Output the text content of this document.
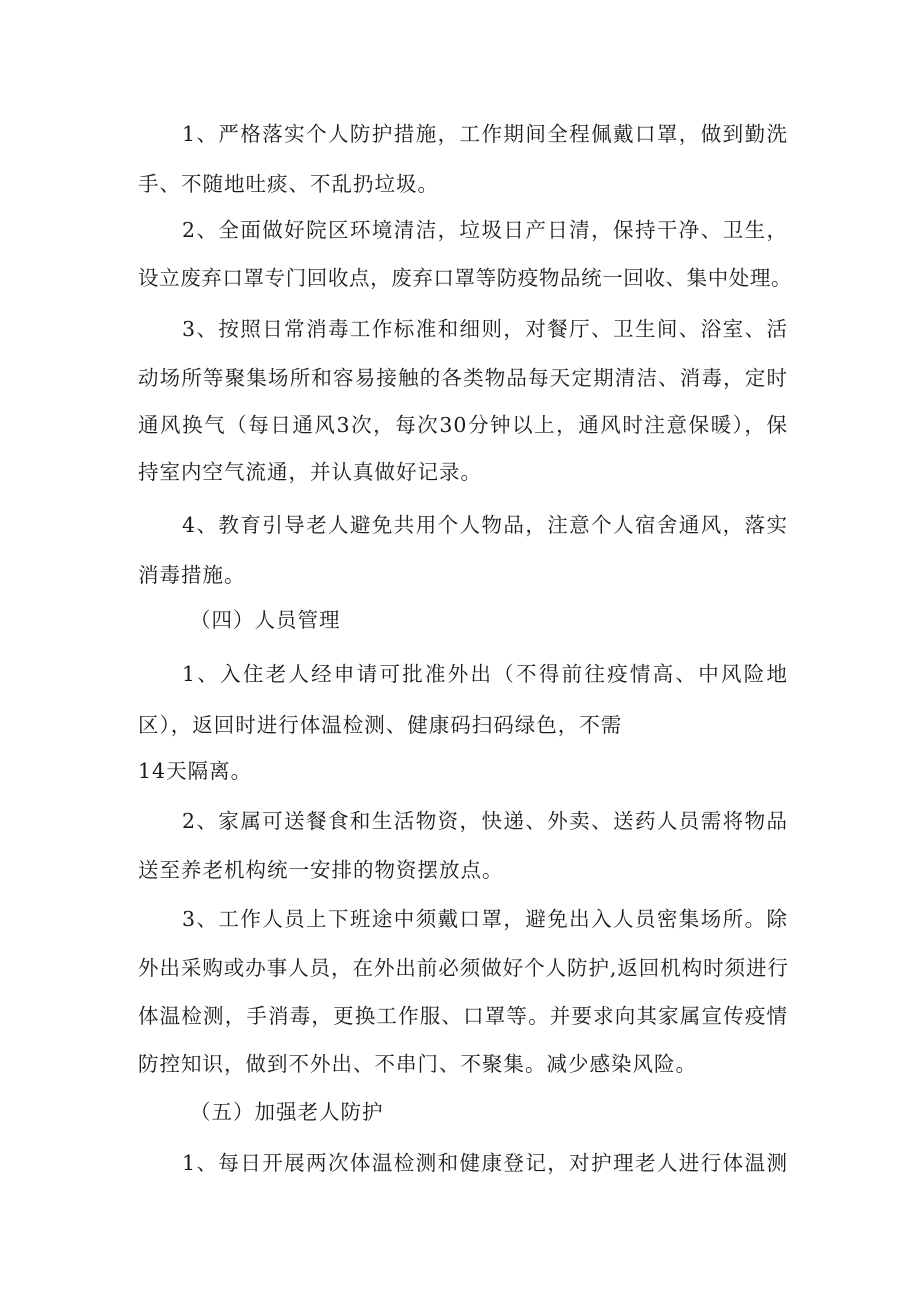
1、严格落实个人防护措施，工作期间全程佩戴口罩，做到勤洗
手、不随地吐痰、不乱扔垃圾。
2、全面做好院区环境清洁，垃圾日产日清，保持干净、卫生，
设立废弃口罩专门回收点，废弃口罩等防疫物品统一回收、集中处理。
3、按照日常消毒工作标准和细则，对餐厅、卫生间、浴室、活
动场所等聚集场所和容易接触的各类物品每天定期清洁、消毒，定时
通风换气（每日通风3次，每次30分钟以上，通风时注意保暖），保
持室内空气流通，并认真做好记录。
4、教育引导老人避免共用个人物品，注意个人宿舍通风，落实
消毒措施。
（四）人员管理
1、入住老人经申请可批准外出（不得前往疫情高、中风险地
区），返回时进行体温检测、健康码扫码绿色，不需
14天隔离。
2、家属可送餐食和生活物资，快递、外卖、送药人员需将物品
送至养老机构统一安排的物资摆放点。
3、工作人员上下班途中须戴口罩，避免出入人员密集场所。除
外出采购或办事人员，在外出前必须做好个人防护,返回机构时须进行
体温检测，手消毒，更换工作服、口罩等。并要求向其家属宣传疫情
防控知识，做到不外出、不串门、不聚集。减少感染风险。
（五）加强老人防护
1、每日开展两次体温检测和健康登记，对护理老人进行体温测
